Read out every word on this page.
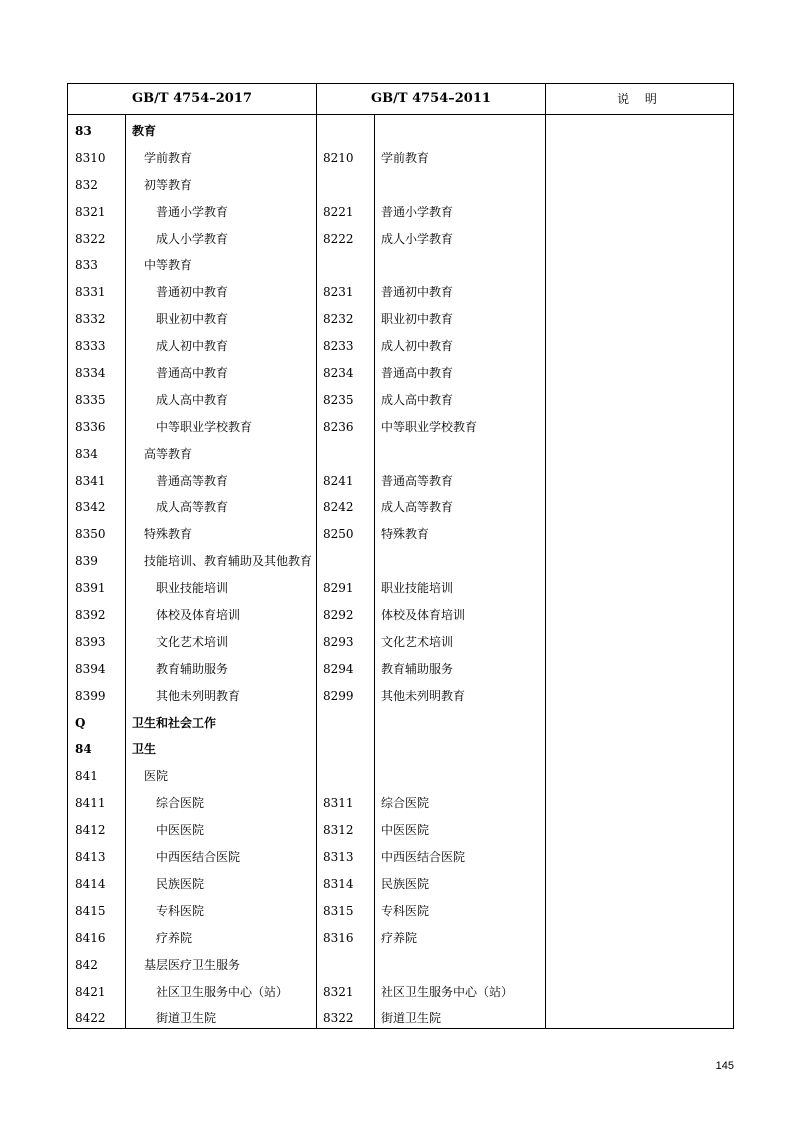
GB/T 4754–2017	GB/T 4754–2011	说 明
83	教育
8310	学前教育	8210 学前教育
832	初等教育
8321	普通小学教育	8221 普通小学教育
8322	成人小学教育	8222 成人小学教育
833	中等教育
8331	普通初中教育	8231 普通初中教育
8332	职业初中教育	8232 职业初中教育
8333	成人初中教育	8233 成人初中教育
8334	普通高中教育	8234 普通高中教育
8335	成人高中教育	8235 成人高中教育
8336	中等职业学校教育	8236 中等职业学校教育
834	高等教育
8341	普通高等教育	8241 普通高等教育
8342	成人高等教育	8242 成人高等教育
8350	特殊教育	8250 特殊教育
839	技能培训、教育辅助及其他教育
8391	职业技能培训	8291 职业技能培训
8392	体校及体育培训	8292 体校及体育培训
8393	文化艺术培训	8293 文化艺术培训
8394	教育辅助服务	8294 教育辅助服务
8399	其他未列明教育	8299 其他未列明教育
Q	卫生和社会工作
84	卫生
841	医院
8411	综合医院	8311 综合医院
8412	中医医院	8312 中医医院
8413	中西医结合医院	8313 中西医结合医院
8414	民族医院	8314 民族医院
8415	专科医院	8315 专科医院
8416	疗养院	8316 疗养院
842	基层医疗卫生服务
8421	社区卫生服务中心（站）	8321 社区卫生服务中心（站）
8422	街道卫生院	8322 街道卫生院
145
